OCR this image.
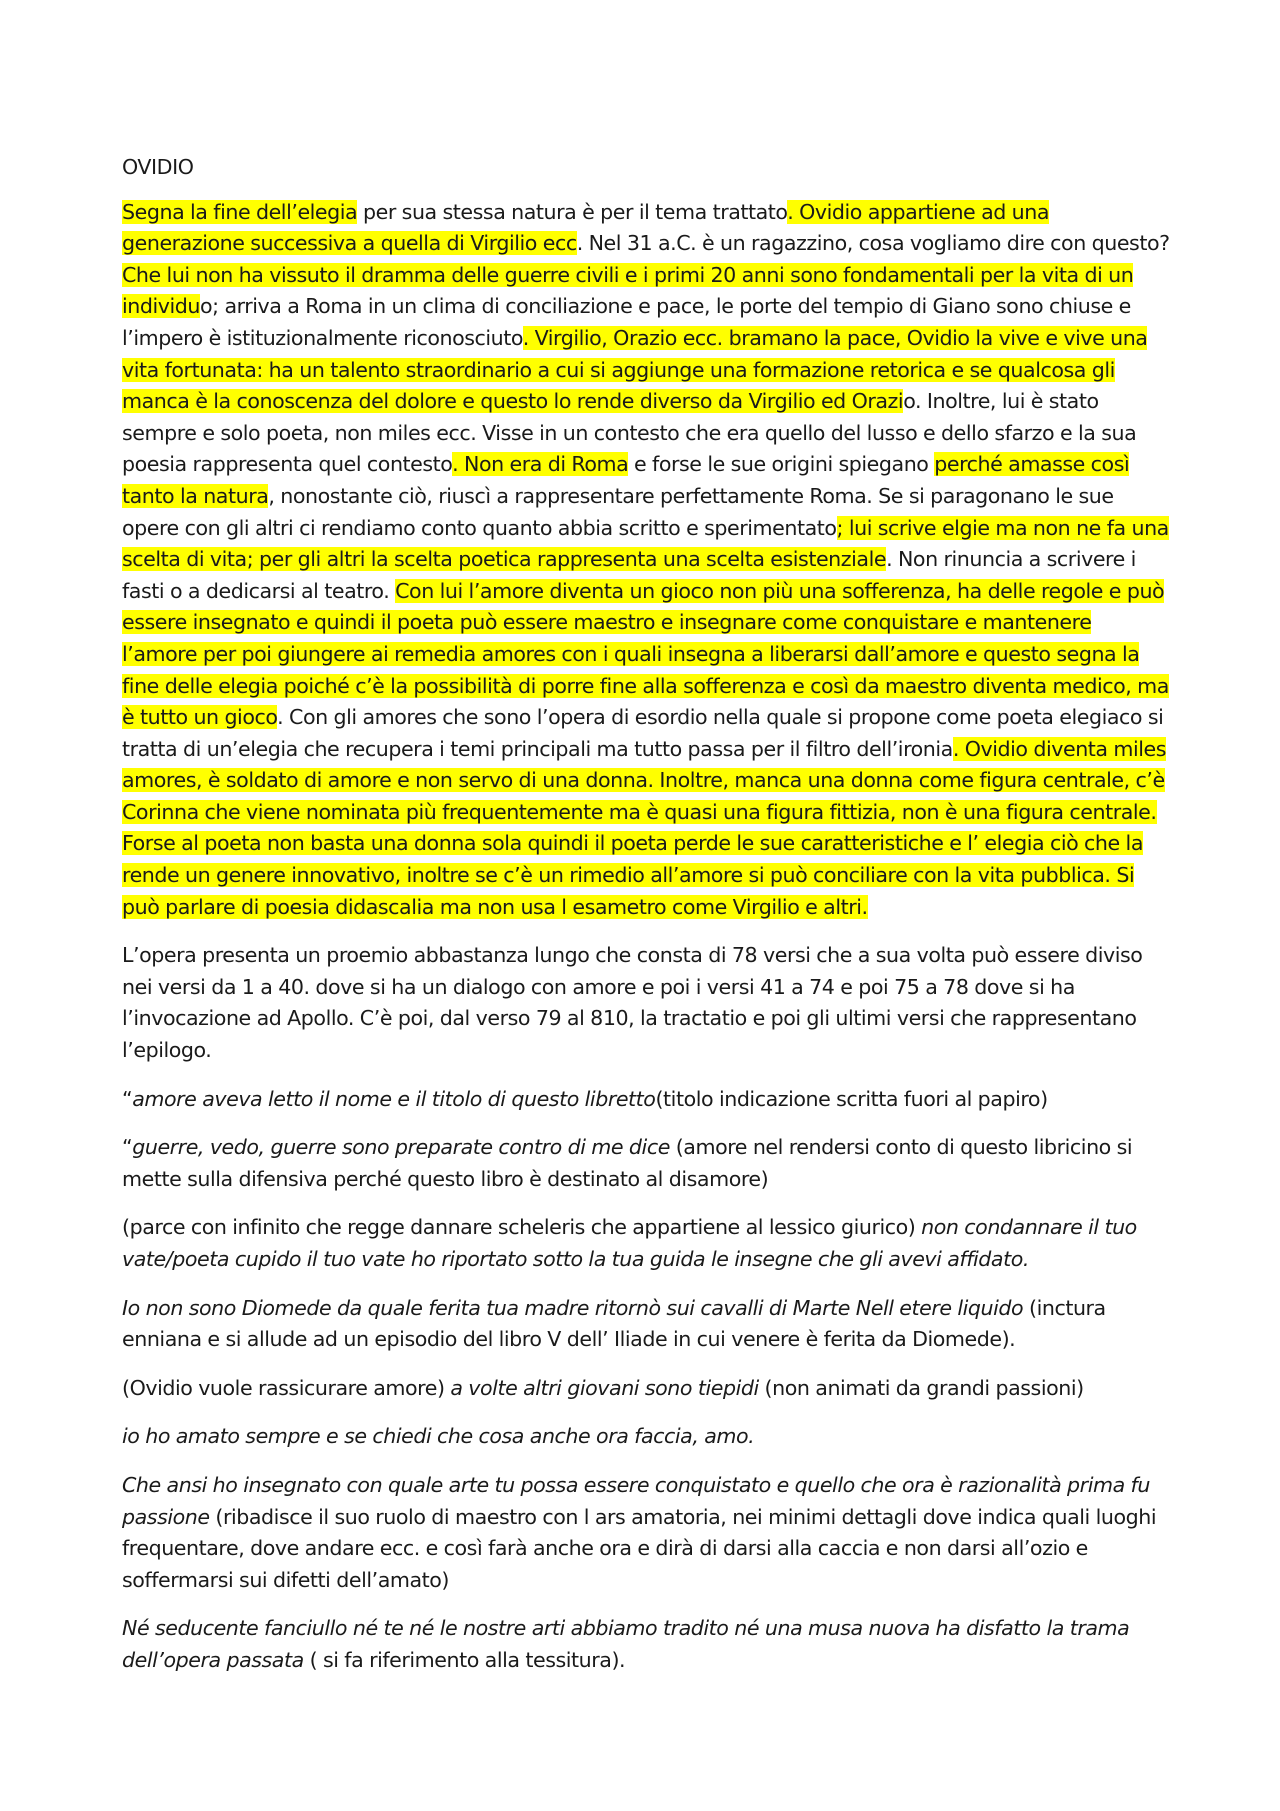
OVIDIO

Segna la fine dell’elegia per sua stessa natura è per il tema trattato. Ovidio appartiene ad una generazione successiva a quella di Virgilio ecc. Nel 31 a.C. è un ragazzino, cosa vogliamo dire con questo? Che lui non ha vissuto il dramma delle guerre civili e i primi 20 anni sono fondamentali per la vita di un individuo; arriva a Roma in un clima di conciliazione e pace, le porte del tempio di Giano sono chiuse e l’impero è istituzionalmente riconosciuto. Virgilio, Orazio ecc. bramano la pace, Ovidio la vive e vive una vita fortunata: ha un talento straordinario a cui si aggiunge una formazione retorica e se qualcosa gli manca è la conoscenza del dolore e questo lo rende diverso da Virgilio ed Orazio. Inoltre, lui è stato sempre e solo poeta, non miles ecc. Visse in un contesto che era quello del lusso e dello sfarzo e la sua poesia rappresenta quel contesto. Non era di Roma e forse le sue origini spiegano perché amasse così tanto la natura, nonostante ciò, riuscì a rappresentare perfettamente Roma. Se si paragonano le sue opere con gli altri ci rendiamo conto quanto abbia scritto e sperimentato; lui scrive elgie ma non ne fa una scelta di vita; per gli altri la scelta poetica rappresenta una scelta esistenziale. Non rinuncia a scrivere i fasti o a dedicarsi al teatro. Con lui l’amore diventa un gioco non più una sofferenza, ha delle regole e può essere insegnato e quindi il poeta può essere maestro e insegnare come conquistare e mantenere l’amore per poi giungere ai remedia amores con i quali insegna a liberarsi dall’amore e questo segna la fine delle elegia poiché c’è la possibilità di porre fine alla sofferenza e così da maestro diventa medico, ma è tutto un gioco. Con gli amores che sono l’opera di esordio nella quale si propone come poeta elegiaco si tratta di un’elegia che recupera i temi principali ma tutto passa per il filtro dell’ironia. Ovidio diventa miles amores, è soldato di amore e non servo di una donna. Inoltre, manca una donna come figura centrale, c’è Corinna che viene nominata più frequentemente ma è quasi una figura fittizia, non è una figura centrale. Forse al poeta non basta una donna sola quindi il poeta perde le sue caratteristiche e l’ elegia ciò che la rende un genere innovativo, inoltre se c’è un rimedio all’amore si può conciliare con la vita pubblica. Si può parlare di poesia didascalia ma non usa l esametro come Virgilio e altri.

L’opera presenta un proemio abbastanza lungo che consta di 78 versi che a sua volta può essere diviso nei versi da 1 a 40. dove si ha un dialogo con amore e poi i versi 41 a 74 e poi 75 a 78 dove si ha l’invocazione ad Apollo. C’è poi, dal verso 79 al 810, la tractatio e poi gli ultimi versi che rappresentano l’epilogo.

“amore aveva letto il nome e il titolo di questo libretto(titolo indicazione scritta fuori al papiro)

“guerre, vedo, guerre sono preparate contro di me dice (amore nel rendersi conto di questo libricino si mette sulla difensiva perché questo libro è destinato al disamore)

(parce con infinito che regge dannare scheleris che appartiene al lessico giurico) non condannare il tuo vate/poeta cupido il tuo vate ho riportato sotto la tua guida le insegne che gli avevi affidato.

Io non sono Diomede da quale ferita tua madre ritornò sui cavalli di Marte Nell etere liquido (inctura enniana e si allude ad un episodio del libro V dell’ Iliade in cui venere è ferita da Diomede).

(Ovidio vuole rassicurare amore) a volte altri giovani sono tiepidi (non animati da grandi passioni)

io ho amato sempre e se chiedi che cosa anche ora faccia, amo.

Che ansi ho insegnato con quale arte tu possa essere conquistato e quello che ora è razionalità prima fu passione (ribadisce il suo ruolo di maestro con l ars amatoria, nei minimi dettagli dove indica quali luoghi frequentare, dove andare ecc. e così farà anche ora e dirà di darsi alla caccia e non darsi all’ozio e soffermarsi sui difetti dell’amato)

Né seducente fanciullo né te né le nostre arti abbiamo tradito né una musa nuova ha disfatto la trama dell’opera passata ( si fa riferimento alla tessitura).
